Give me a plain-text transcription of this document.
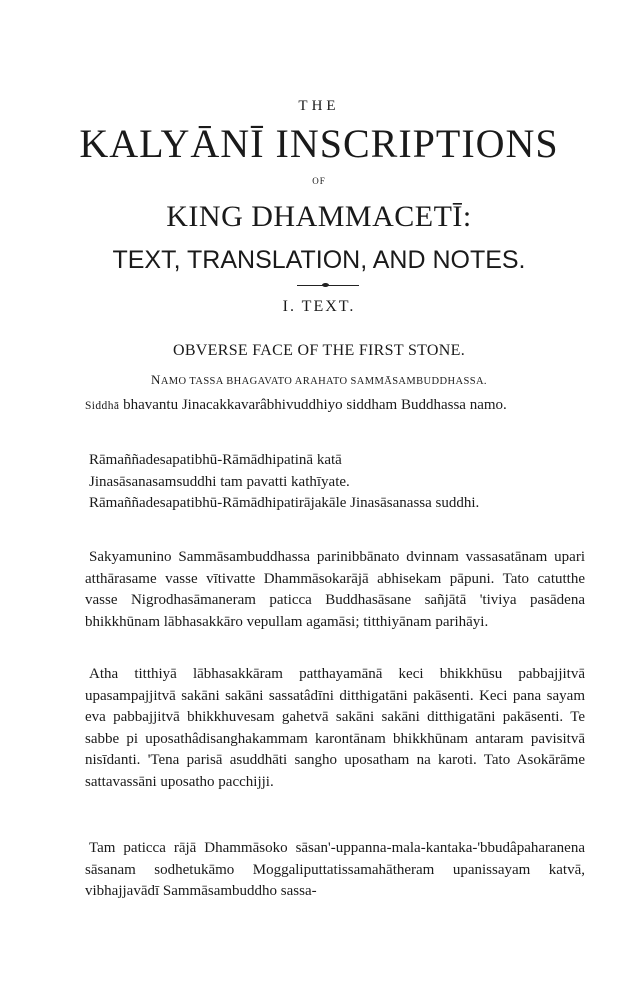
THE
KALYĀNĪ INSCRIPTIONS
OF
KING DHAMMACETĪ:
TEXT, TRANSLATION, AND NOTES.
I. TEXT.
OBVERSE FACE OF THE FIRST STONE.
NAMO TASSA BHAGAVATO ARAHATO SAMMĀSAMBUDDHASSA.
Siddhā bhavantu Jinacakkavarâbhivuddhiyo siddham Buddhassa namo.
Rāmaññadesapatibhū-Rāmādhipatinā katā
Jinasāsanasamsuddhi tam pavatti kathīyate.
Rāmaññadesapatibhū-Rāmādhipatirājakāle Jinasāsanassa suddhi.
Sakyamunino Sammāsambuddhassa parinibbānato dvinnam vassasatānam upari atthārasame vasse vītivatte Dhammāsokarājā abhisekam pāpuni. Tato catutthe vasse Nigrodhasāmaneram paticca Buddhasāsane sañjātā 'tiviya pasādena bhikkhūnam lābhasakkāro vepullam agamāsi; titthiyānam parihāyi.
Atha titthiyā lābhasakkāram patthayamānā keci bhikkhūsu pabbajjitvā upasampajjitvā sakāni sakāni sassatâdīni ditthigatāni pakāsenti. Keci pana sayam eva pabbajjitvā bhikkhuvesam gahetvā sakāni sakāni ditthigatāni pakāsenti. Te sabbe pi uposathâdisanghakammam karontānam bhikkhūnam antaram pavisitvā nisīdanti. 'Tena parisā asuddhāti sangho uposatham na karoti. Tato Asokārāme sattavassāni uposatho pacchijji.
Tam paticca rājā Dhammāsoko sāsan'-uppanna-mala-kantaka-'bbudâpaharanena sāsanam sodhetukāmo Moggaliputtatissamahātheram upanissayam katvā, vibhajjavādī Sammāsambuddho sassa-
